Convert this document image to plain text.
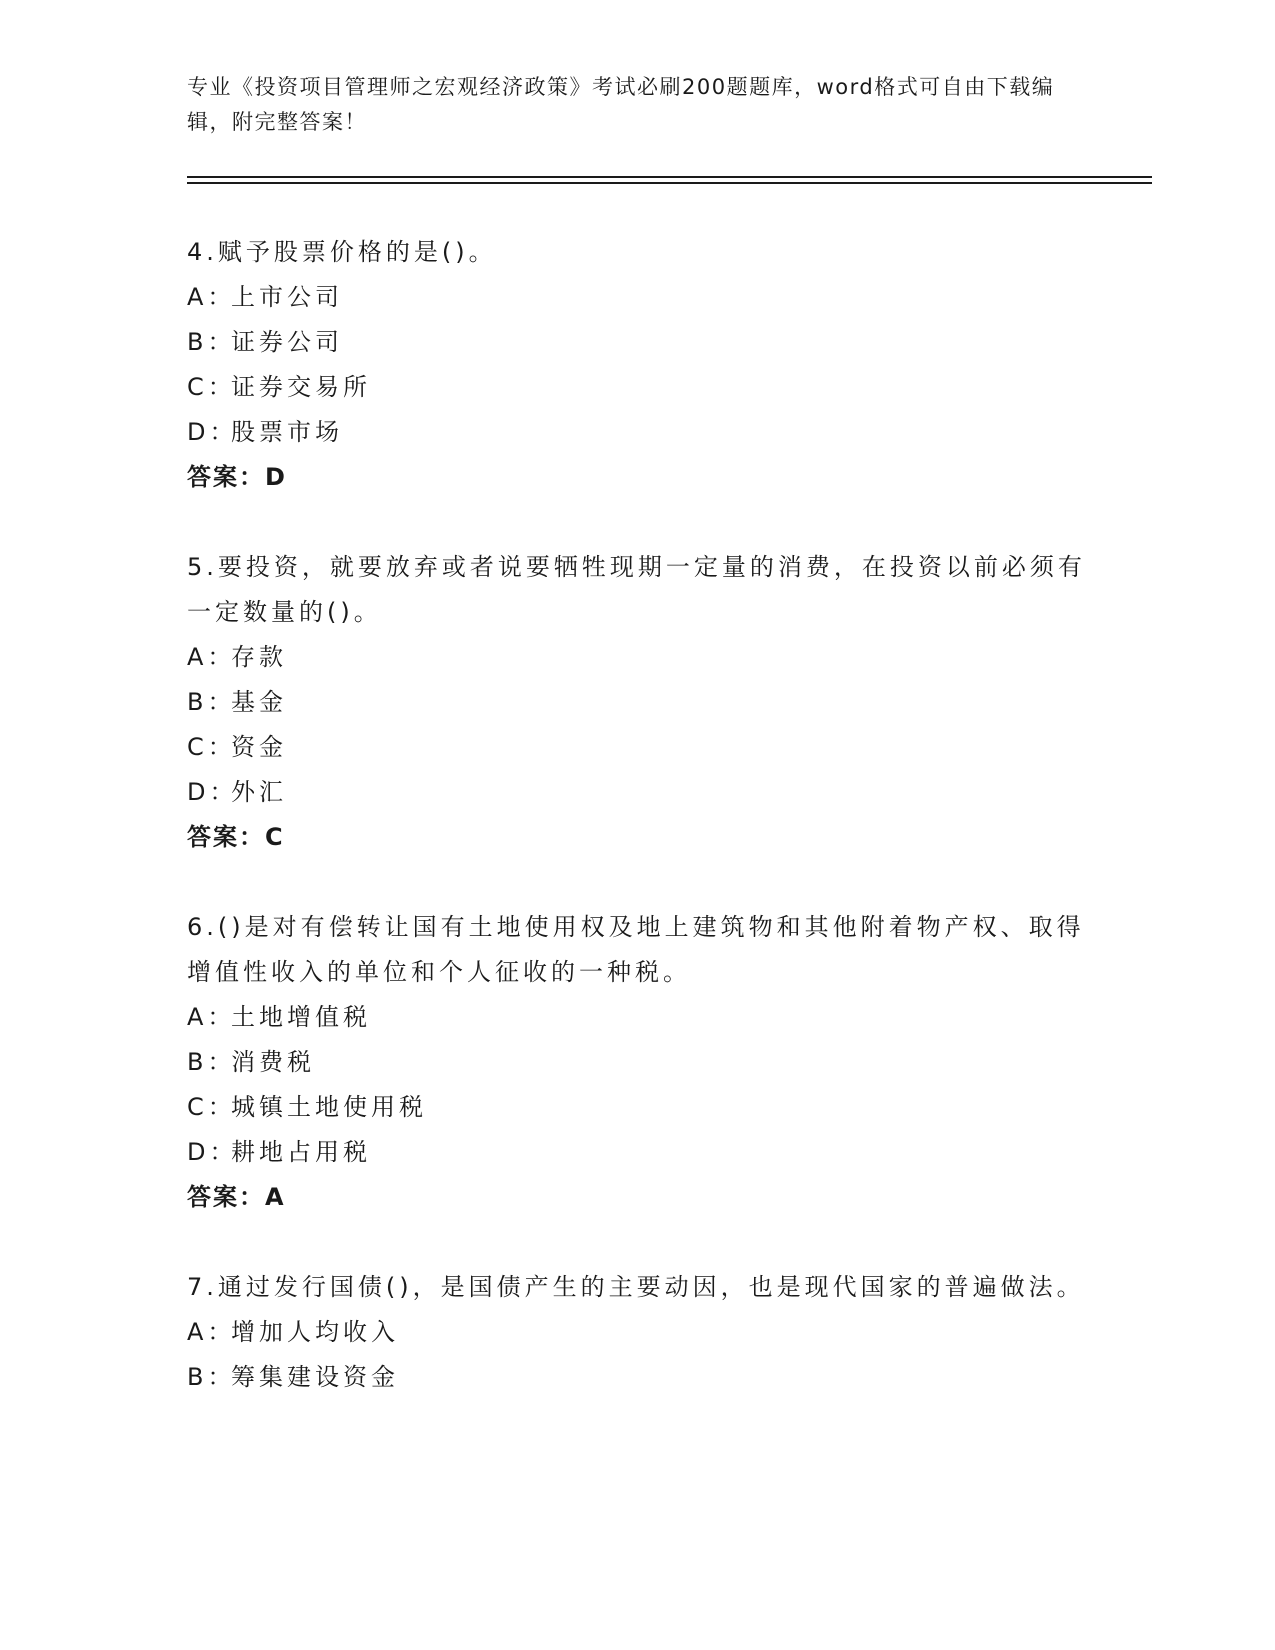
专业《投资项目管理师之宏观经济政策》考试必刷200题题库，word格式可自由下载编辑，附完整答案！
4.赋予股票价格的是()。
A：
上市公司
B：
证券公司
C：
证券交易所
D：
股票市场
答案：D
5.要投资，就要放弃或者说要牺牲现期一定量的消费，在投资以前必须有一定数量的()。
A：
存款
B：
基金
C：
资金
D：
外汇
答案：C
6.()是对有偿转让国有土地使用权及地上建筑物和其他附着物产权、取得增值性收入的单位和个人征收的一种税。
A：
土地增值税
B：
消费税
C：
城镇土地使用税
D：
耕地占用税
答案：A
7.通过发行国债()，是国债产生的主要动因，也是现代国家的普遍做法。
A：
增加人均收入
B：
筹集建设资金
